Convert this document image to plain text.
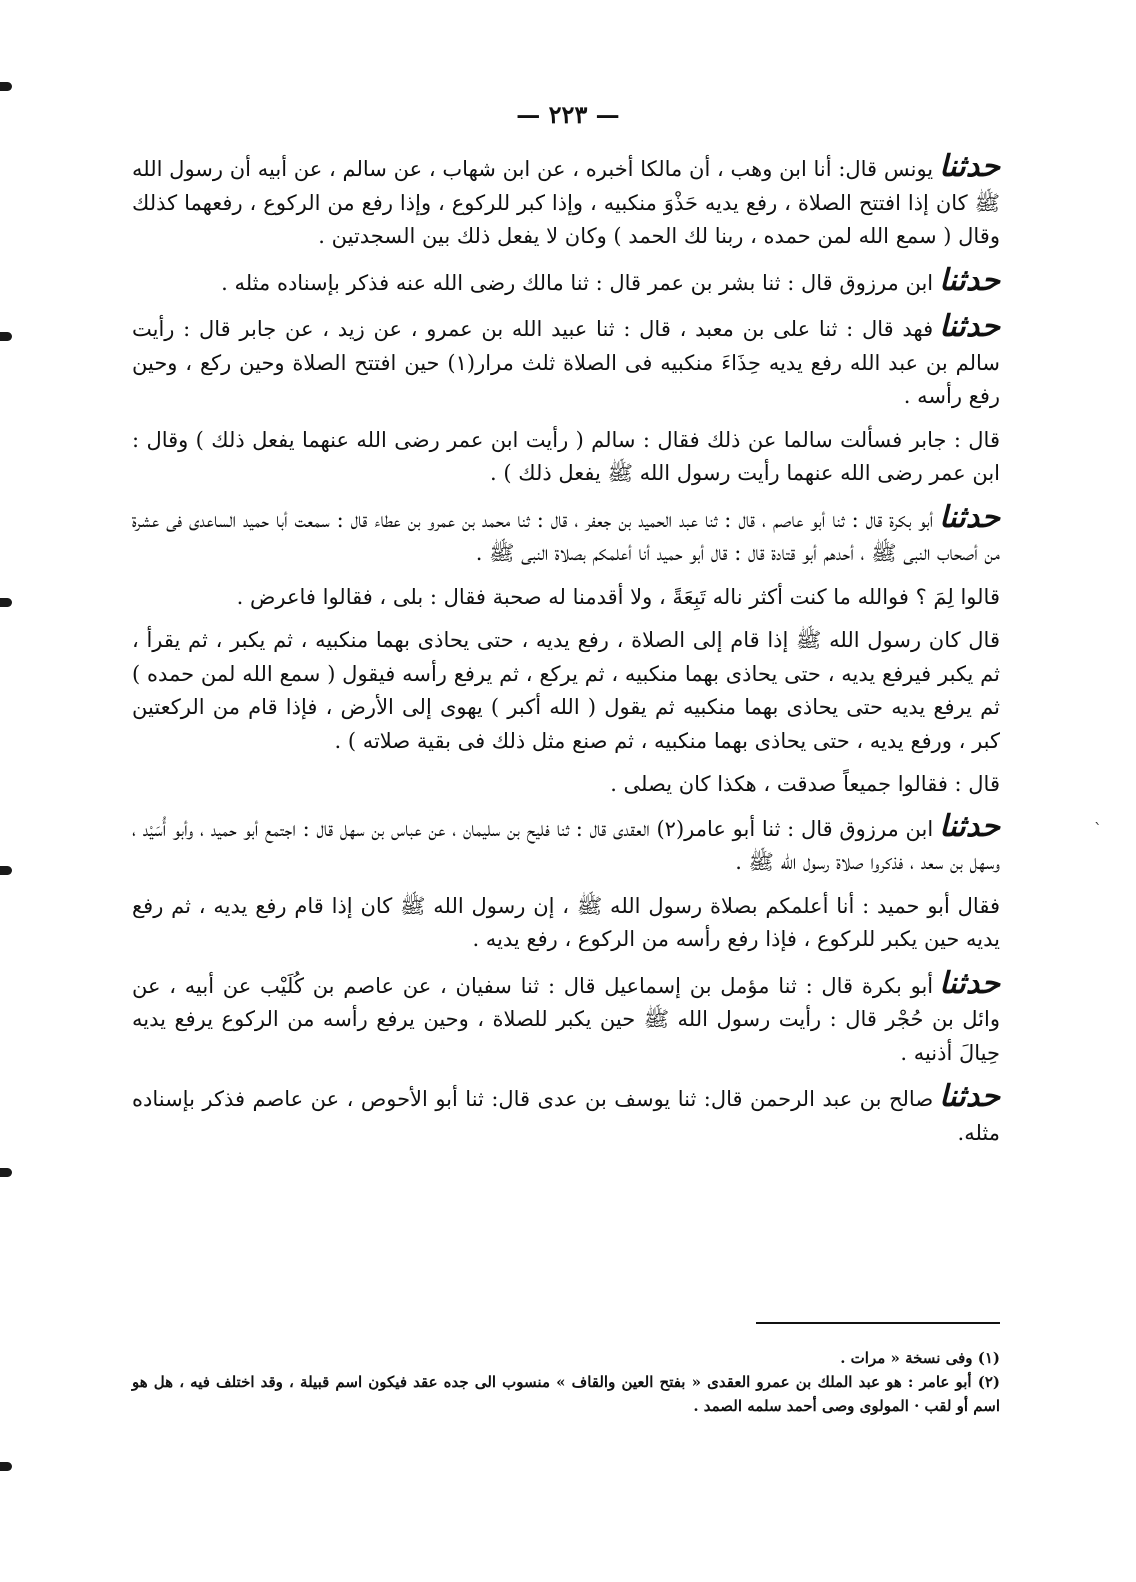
— ٢٢٣ —

حدثنايونس قال: أنا ابن وهب ، أن مالكا أخبره ، عن ابن شهاب ، عن سالم ، عن أبيه أن رسول الله ﷺ كان إذا افتتح الصلاة ، رفع يديه حَذْوَ منكبيه ، وإذا كبر للركوع ، وإذا رفع من الركوع ، رفعهما كذلك وقال ( سمع الله لمن حمده ، ربنا لك الحمد ) وكان لا يفعل ذلك بين السجدتين .

حدثناابن مرزوق قال : ثنا بشر بن عمر قال : ثنا مالك رضى الله عنه فذكر بإسناده مثله .

حدثنافهد قال : ثنا على بن معبد ، قال : ثنا عبيد الله بن عمرو ، عن زيد ، عن جابر قال : رأيت سالم بن عبد الله رفع يديه حِذَاءَ منكبيه فى الصلاة ثلث مرار(١) حين افتتح الصلاة وحين ركع ، وحين رفع رأسه .

قال : جابر فسألت سالما عن ذلك فقال : سالم ( رأيت ابن عمر رضى الله عنهما يفعل ذلك ) وقال : ابن عمر رضى الله عنهما رأيت رسول الله ﷺ يفعل ذلك ) .

حدثناأبو بكرة قال : ثنا أبو عاصم ، قال : ثنا عبد الحميد بن جعفر ، قال : ثنا محمد بن عمرو بن عطاء قال : سمعت أبا حميد الساعدى فى عشرة من أصحاب النبى ﷺ ، أحدهم أبو قتادة قال : قال أبو حميد أنا أعلمكم بصلاة النبى ﷺ .

قالوا لِمَ ؟ فوالله ما كنت أكثر ناله تَبِعَةً ، ولا أقدمنا له صحبة فقال : بلى ، فقالوا فاعرض .

قال كان رسول الله ﷺ إذا قام إلى الصلاة ، رفع يديه ، حتى يحاذى بهما منكبيه ، ثم يكبر ، ثم يقرأ ، ثم يكبر فيرفع يديه ، حتى يحاذى بهما منكبيه ، ثم يركع ، ثم يرفع رأسه فيقول ( سمع الله لمن حمده ) ثم يرفع يديه حتى يحاذى بهما منكبيه ثم يقول ( الله أكبر ) يهوى إلى الأرض ، فإذا قام من الركعتين كبر ، ورفع يديه ، حتى يحاذى بهما منكبيه ، ثم صنع مثل ذلك فى بقية صلاته ) .

قال : فقالوا جميعاً صدقت ، هكذا كان يصلى .

حدثناابن مرزوق قال : ثنا أبو عامر(٢) العقدى قال : ثنا فليح بن سليمان ، عن عباس بن سهل قال : اجتمع أبو حميد ، وأبو أُسَيْد ، وسهل بن سعد ، فذكروا صلاة رسول الله ﷺ .

فقال أبو حميد : أنا أعلمكم بصلاة رسول الله ﷺ ، إن رسول الله ﷺ كان إذا قام رفع يديه ، ثم رفع يديه حين يكبر للركوع ، فإذا رفع رأسه من الركوع ، رفع يديه .

حدثناأبو بكرة قال : ثنا مؤمل بن إسماعيل قال : ثنا سفيان ، عن عاصم بن كُلَيْب عن أبيه ، عن وائل بن حُجْر قال : رأيت رسول الله ﷺ حين يكبر للصلاة ، وحين يرفع رأسه من الركوع يرفع يديه حِيالَ أذنيه .

حدثناصالح بن عبد الرحمن قال: ثنا يوسف بن عدى قال: ثنا أبو الأحوص ، عن عاصم فذكر بإسناده مثله.

`

(١) وفى نسخة « مرات .

(٢) أبو عامر : هو عبد الملك بن عمرو العقدى « بفتح العين والقاف » منسوب الى جده عقد فيكون اسم قبيلة ، وقد اختلف فيه ، هل هو اسم أو لقب · المولوى وصى أحمد سلمه الصمد .
